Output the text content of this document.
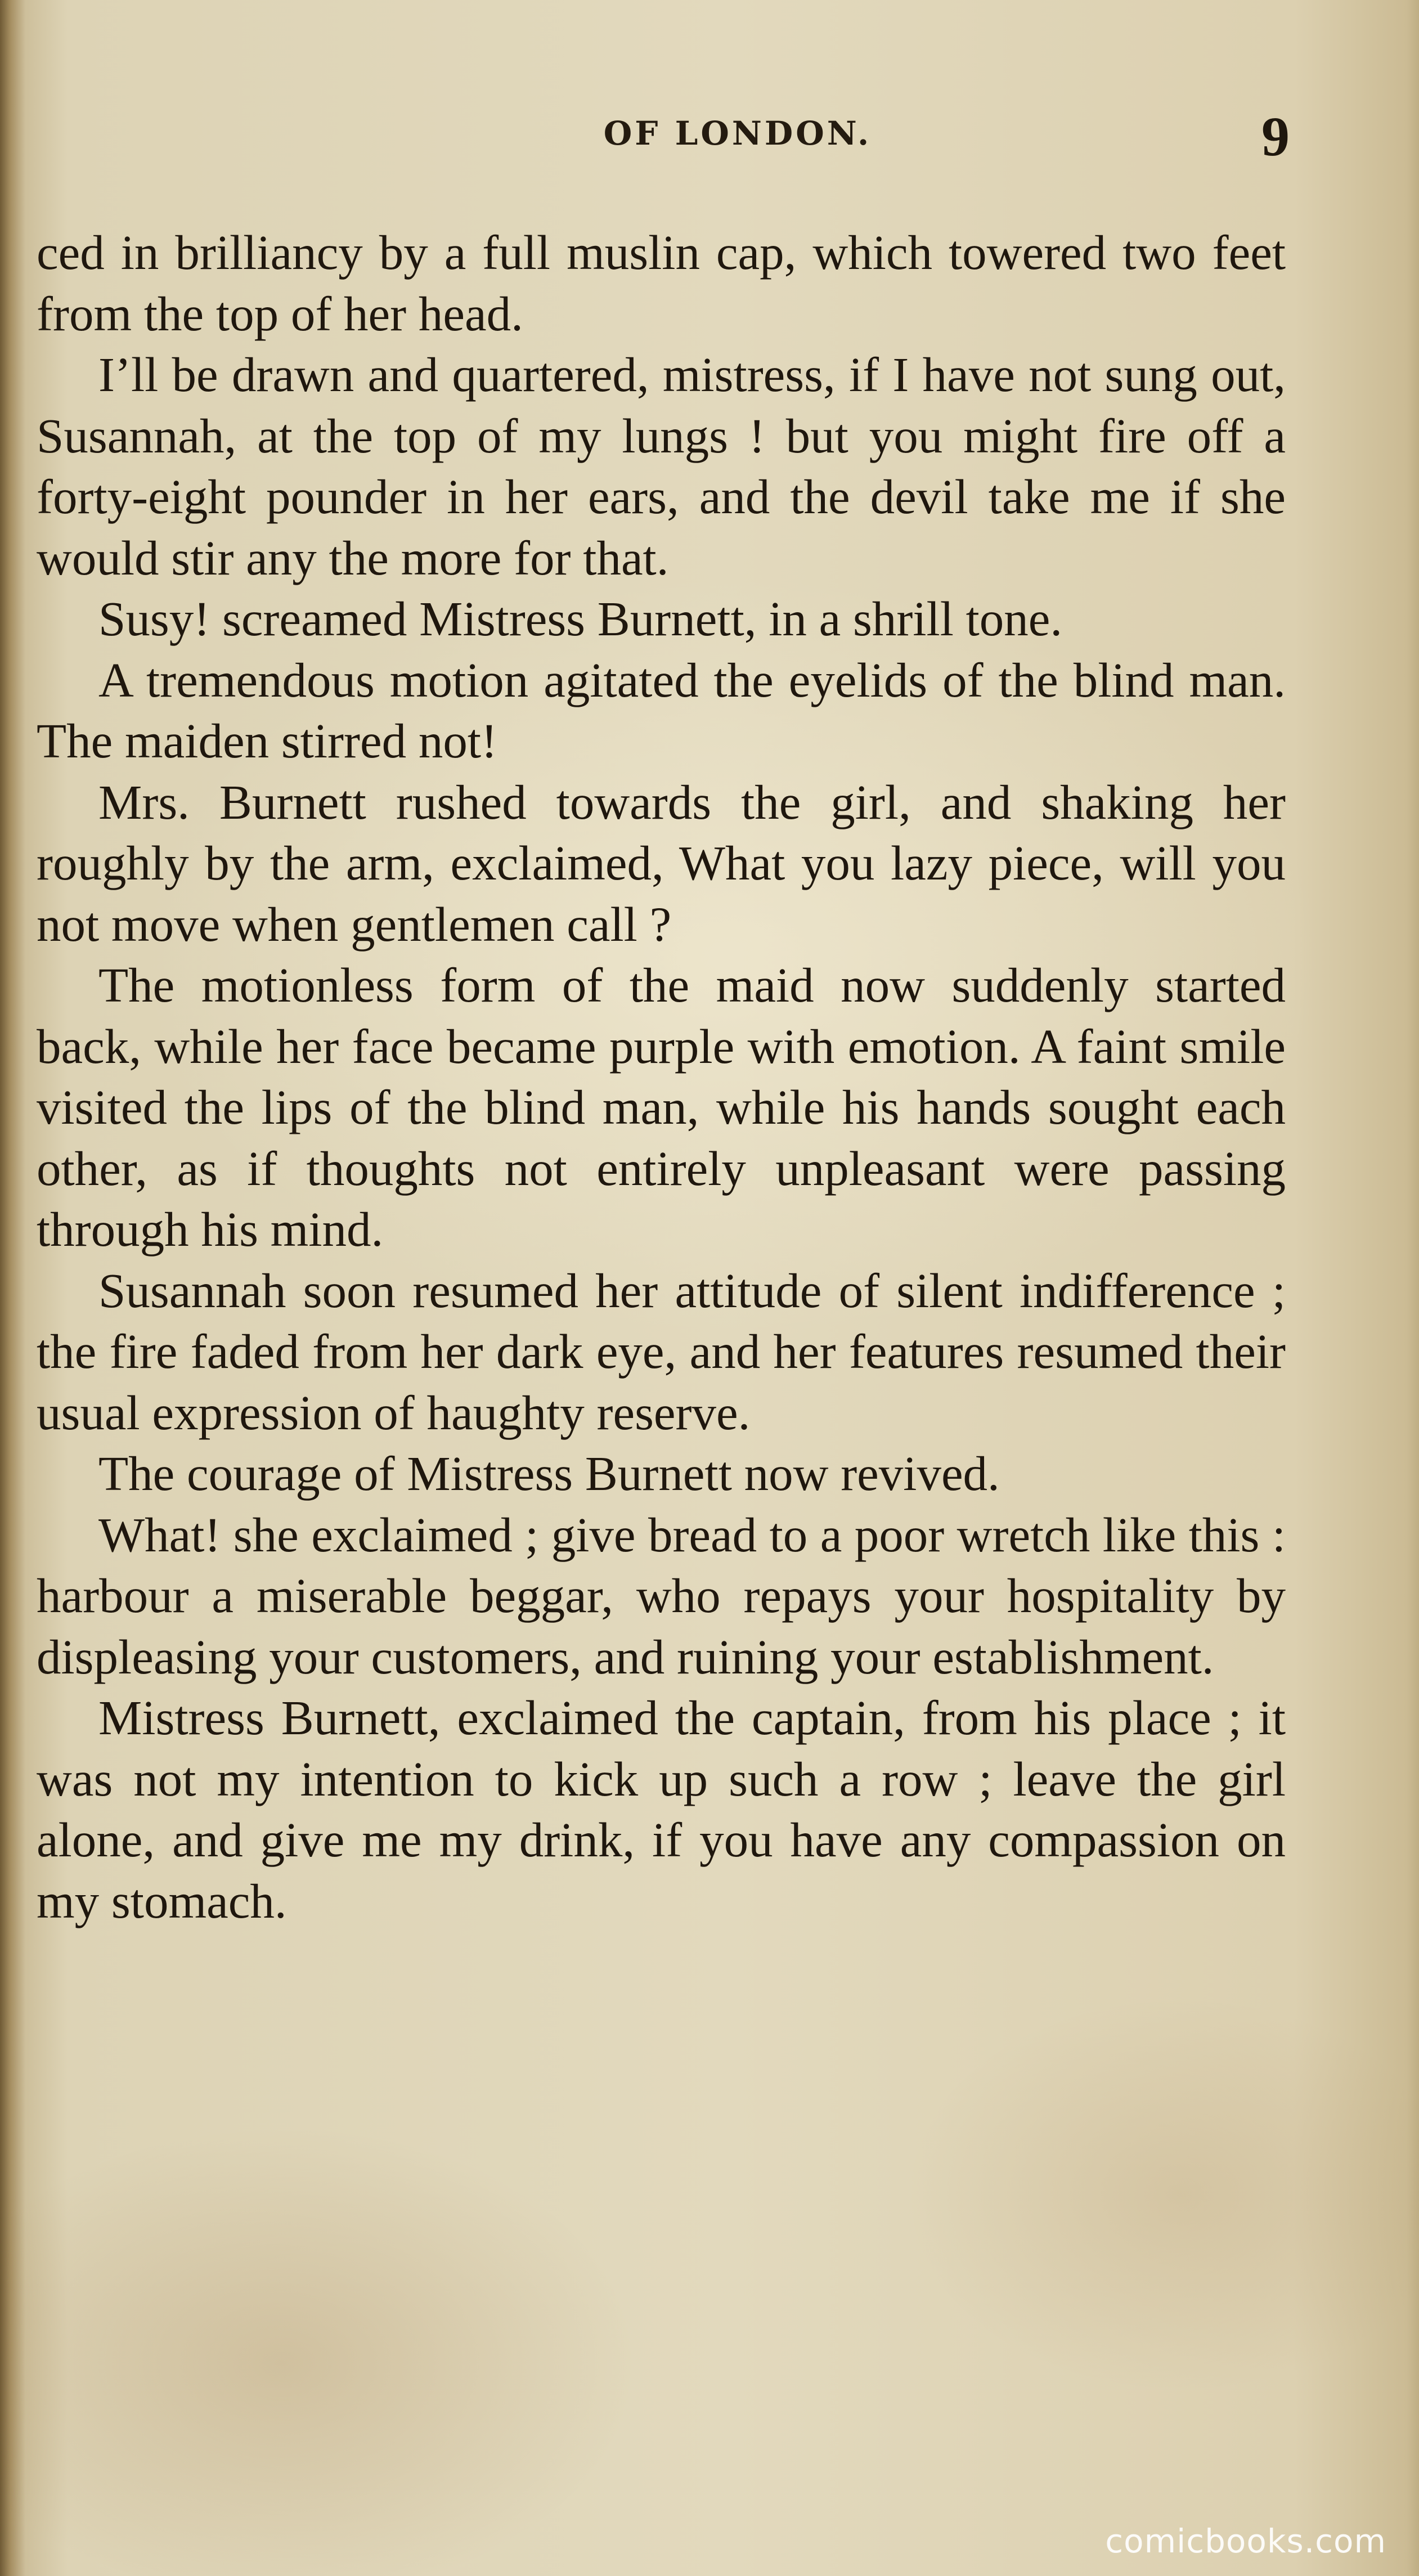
OF LONDON.	9

ced in brilliancy by a full muslin cap, which towered two feet from the top of her head.

I’ll be drawn and quartered, mistress, if I have not sung out, Susannah, at the top of my lungs ! but you might fire off a forty-eight pounder in her ears, and the devil take me if she would stir any the more for that.

Susy! screamed Mistress Burnett, in a shrill tone.

A tremendous motion agitated the eyelids of the blind man. The maiden stirred not!

Mrs. Burnett rushed towards the girl, and shaking her roughly by the arm, exclaimed, What you lazy piece, will you not move when gentlemen call ?

The motionless form of the maid now suddenly started back, while her face became purple with emotion. A faint smile visited the lips of the blind man, while his hands sought each other, as if thoughts not entirely unpleasant were passing through his mind.

Susannah soon resumed her attitude of silent indifference ; the fire faded from her dark eye, and her features resumed their usual expression of haughty reserve.

The courage of Mistress Burnett now revived.

What! she exclaimed ; give bread to a poor wretch like this : harbour a miserable beggar, who repays your hospitality by displeasing your customers, and ruining your establishment.

Mistress Burnett, exclaimed the captain, from his place ; it was not my intention to kick up such a row ; leave the girl alone, and give me my drink, if you have any compassion on my stomach.

comicbooks.com
